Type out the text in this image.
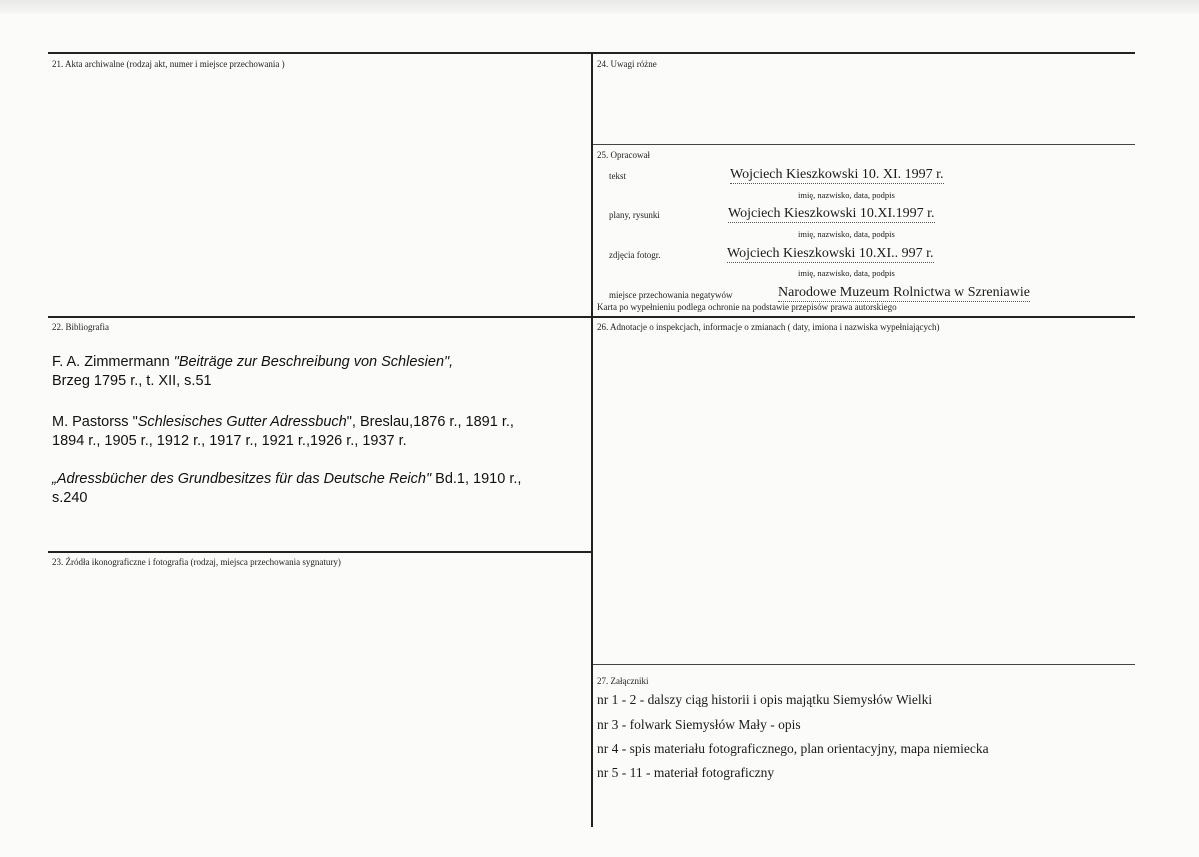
21. Akta archiwalne (rodzaj akt, numer i miejsce przechowania )
22. Bibliografia
F. A. Zimmermann "Beiträge zur Beschreibung von Schlesien",
Brzeg 1795 r., t. XII, s.51
M. Pastorss "Schlesisches Gutter Adressbuch", Breslau,1876 r., 1891 r.,
1894 r., 1905 r., 1912 r., 1917 r., 1921 r.,1926 r., 1937 r.
„Adressbücher des Grundbesitzes für das Deutsche Reich" Bd.1, 1910 r.,
s.240
23. Źródła ikonograficzne i fotografia (rodzaj, miejsca przechowania sygnatury)
24. Uwagi różne
25. Opracował
tekst	Wojciech Kieszkowski 10. XI. 1997 r.
imię, nazwisko, data, podpis
plany, rysunki	Wojciech Kieszkowski 10.XI.1997 r.
imię, nazwisko, data, podpis
zdjęcia fotogr.	Wojciech Kieszkowski 10.XI.. 997 r.
imię, nazwisko, data, podpis
miejsce przechowania negatywów	Narodowe Muzeum Rolnictwa w Szreniawie
Karta po wypełnieniu podlega ochronie na podstawie przepisów prawa autorskiego
26. Adnotacje o inspekcjach, informacje o zmianach ( daty, imiona i nazwiska wypełniających)
27. Załączniki
nr 1 - 2 - dalszy ciąg historii i opis majątku Siemysłów Wielki
nr 3 - folwark Siemysłów Mały - opis
nr 4 - spis materiału fotograficznego, plan orientacyjny, mapa niemiecka
nr 5 - 11 - materiał fotograficzny
